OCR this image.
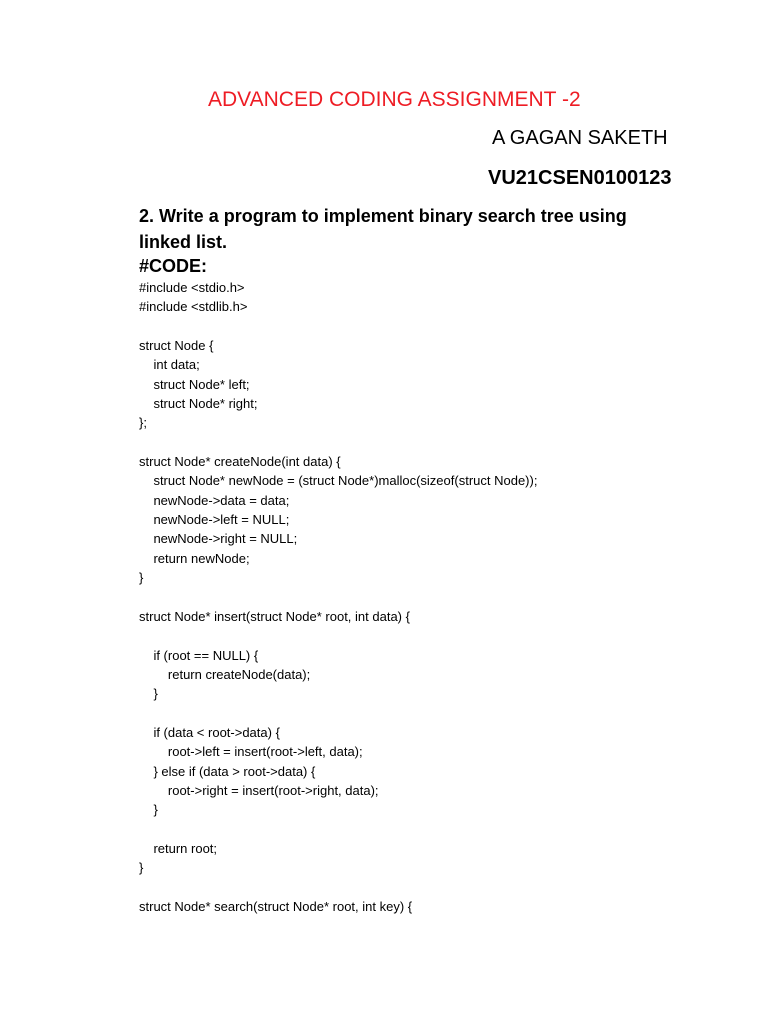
ADVANCED CODING ASSIGNMENT -2
A GAGAN SAKETH
VU21CSEN0100123

2. Write a program to implement binary search tree using linked list.

#CODE:
#include <stdio.h>
#include <stdlib.h>
struct Node {
int data;
struct Node* left;
struct Node* right;
};
struct Node* createNode(int data) {
struct Node* newNode = (struct Node*)malloc(sizeof(struct Node));
newNode->data = data;
newNode->left = NULL;
newNode->right = NULL;
return newNode;
}
struct Node* insert(struct Node* root, int data) {
if (root == NULL) {
return createNode(data);
}
if (data < root->data) {
root->left = insert(root->left, data);
} else if (data > root->data) {
root->right = insert(root->right, data);
}
return root;
}
struct Node* search(struct Node* root, int key) {
